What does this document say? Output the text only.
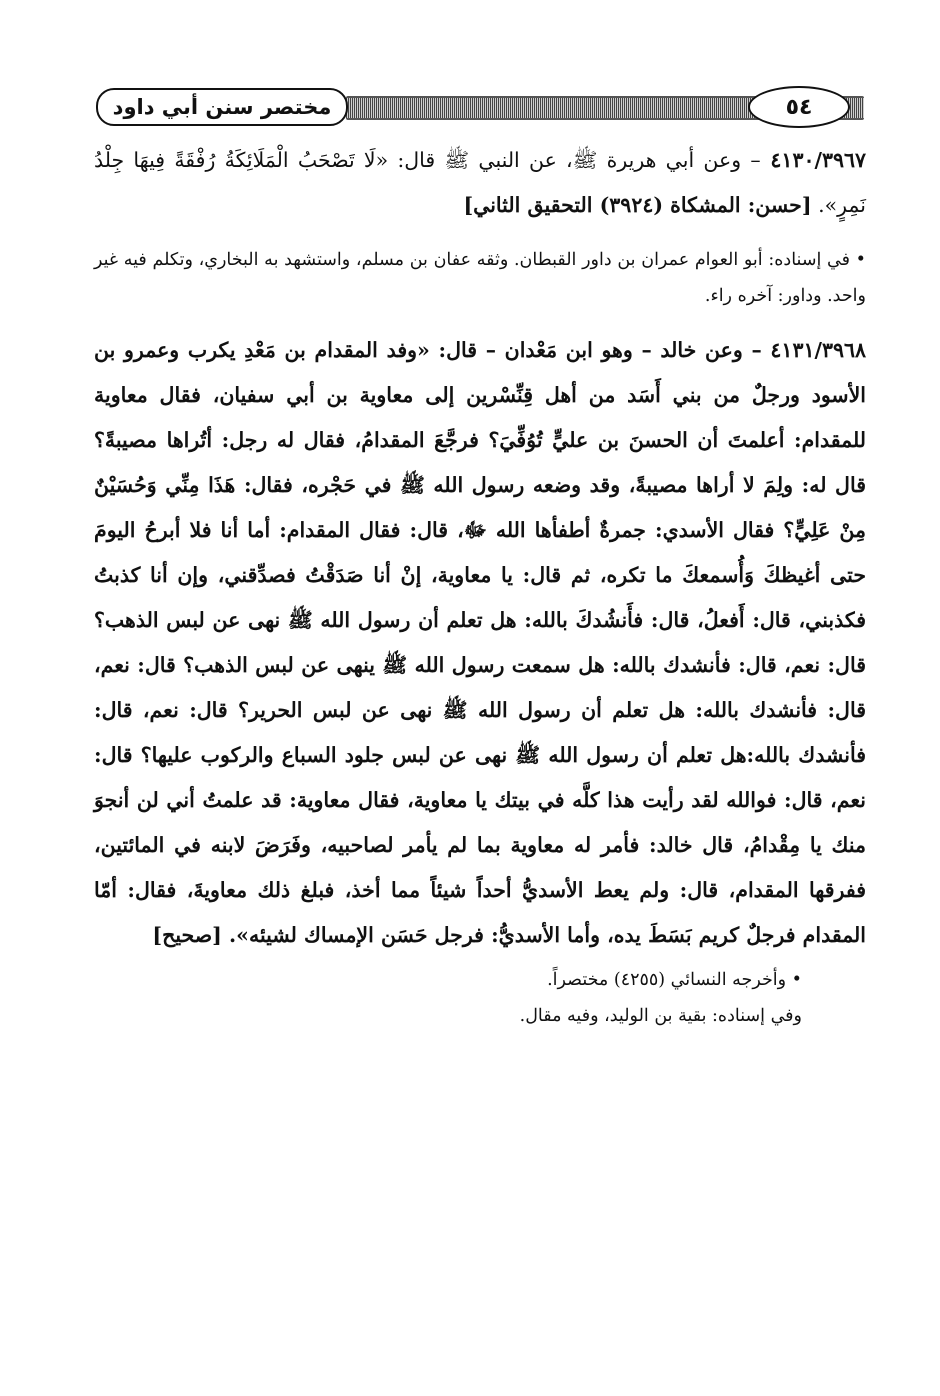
مختصر سنن أبي داود	٥٤

٤١٣٠/٣٩٦٧ – وعن أبي هريرة ﷺ، عن النبي ﷺ قال: «لَا تَصْحَبُ الْمَلَائِكَةُ رُفْقَةً فِيهَا جِلْدُ نَمِرٍ». [حسن: المشكاة (٣٩٢٤) التحقيق الثاني]

• في إسناده: أبو العوام عمران بن داور القبطان. وثقه عفان بن مسلم، واستشهد به البخاري، وتكلم فيه غير واحد. وداور: آخره راء.

٤١٣١/٣٩٦٨ – وعن خالد – وهو ابن مَعْدان – قال: «وفد المقدام بن مَعْدِ يكرب وعمرو بن الأسود ورجلٌ من بني أَسَد من أهل قِنِّسْرين إلى معاوية بن أبي سفيان، فقال معاوية للمقدام: أعلمتَ أن الحسنَ بن عليٍّ تُوُفِّيَ؟ فرجَّعَ المقدامُ، فقال له رجل: أتُراها مصيبةً؟ قال له: ولِمَ لا أراها مصيبةً، وقد وضعه رسول الله ﷺ في حَجْره، فقال: هَذَا مِنِّي وَحُسَيْنٌ مِنْ عَلِيٍّ؟ فقال الأسدي: جمرةٌ أطفأها الله ﷻ، قال: فقال المقدام: أما أنا فلا أبرحُ اليومَ حتى أغيظكَ وَأُسمعكَ ما تكره، ثم قال: يا معاوية، إنْ أنا صَدَقْتُ فصدِّقني، وإن أنا كذبتُ فكذبني، قال: أَفعلُ، قال: فأَنشُدكَ بالله: هل تعلم أن رسول الله ﷺ نهى عن لبس الذهب؟ قال: نعم، قال: فأنشدك بالله: هل سمعت رسول الله ﷺ ينهى عن لبس الذهب؟ قال: نعم، قال: فأنشدك بالله: هل تعلم أن رسول الله ﷺ نهى عن لبس الحرير؟ قال: نعم، قال: فأنشدك بالله:هل تعلم أن رسول الله ﷺ نهى عن لبس جلود السباع والركوب عليها؟ قال: نعم، قال: فوالله لقد رأيت هذا كلَّه في بيتك يا معاوية، فقال معاوية: قد علمتُ أني لن أنجوَ منك يا مِقْدامُ، قال خالد: فأمر له معاوية بما لم يأمر لصاحبيه، وفَرَضَ لابنه في المائتين، ففرقها المقدام، قال: ولم يعط الأسديُّ أحداً شيئاً مما أخذ، فبلغ ذلك معاويةَ، فقال: أمّا المقدام فرجلٌ كريم بَسَطَ يده، وأما الأسديُّ: فرجل حَسَن الإمساك لشيئه». [صحيح]

• وأخرجه النسائي (٤٢٥٥) مختصراً.

وفي إسناده: بقية بن الوليد، وفيه مقال.
